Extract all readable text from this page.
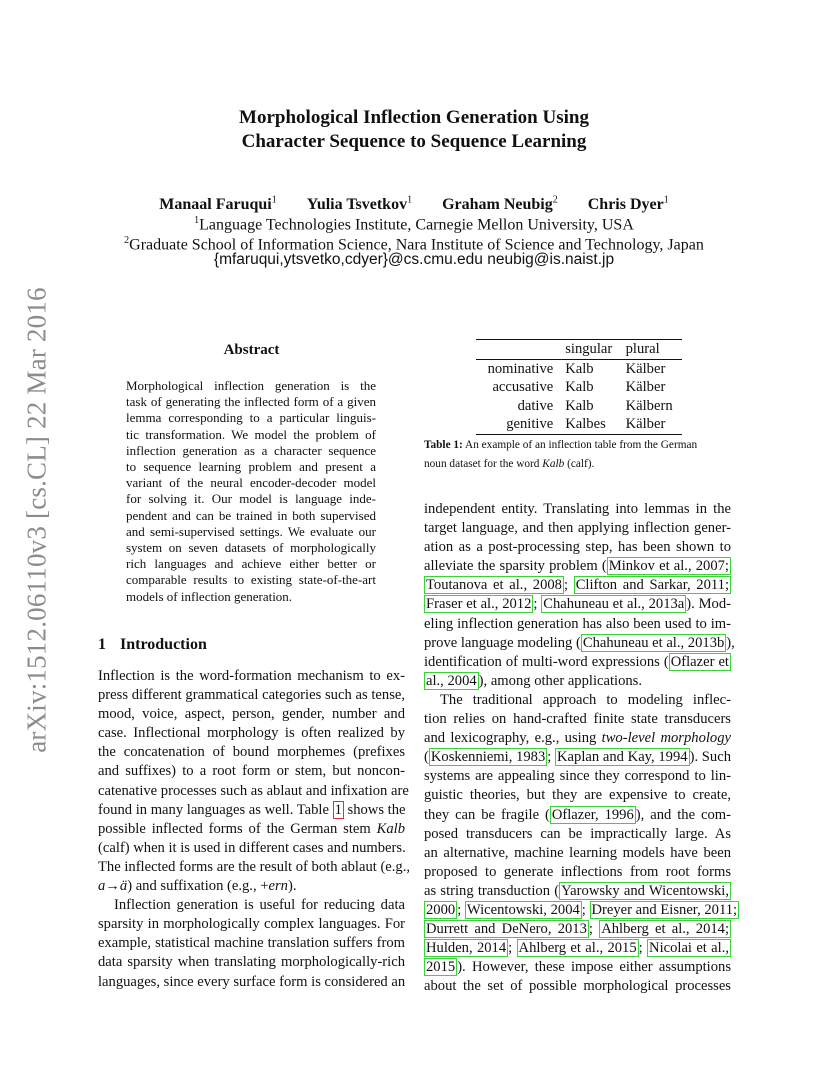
arXiv:1512.06110v3 [cs.CL] 22 Mar 2016
Morphological Inflection Generation Using
Character Sequence to Sequence Learning
Manaal Faruqui$^1$ Yulia Tsvetkov$^1$ Graham Neubig$^2$ Chris Dyer$^1$
$^1$Language Technologies Institute, Carnegie Mellon University, USA
$^2$Graduate School of Information Science, Nara Institute of Science and Technology, Japan
{mfaruqui,ytsvetko,cdyer}@cs.cmu.edu neubig@is.naist.jp
Abstract
Morphological inflection generation is the
task of generating the inflected form of a given
lemma corresponding to a particular linguis-
tic transformation. We model the problem of
inflection generation as a character sequence
to sequence learning problem and present a
variant of the neural encoder-decoder model
for solving it. Our model is language inde-
pendent and can be trained in both supervised
and semi-supervised settings. We evaluate our
system on seven datasets of morphologically
rich languages and achieve either better or
comparable results to existing state-of-the-art
models of inflection generation.
1 Introduction
Inflection is the word-formation mechanism to ex-
press different grammatical categories such as tense,
mood, voice, aspect, person, gender, number and
case. Inflectional morphology is often realized by
the concatenation of bound morphemes (prefixes
and suffixes) to a root form or stem, but noncon-
catenative processes such as ablaut and infixation are
found in many languages as well. Table 1 shows the
possible inflected forms of the German stem Kalb
(calf) when it is used in different cases and numbers.
The inflected forms are the result of both ablaut (e.g.,
a→ä) and suffixation (e.g., +ern).
Inflection generation is useful for reducing data
sparsity in morphologically complex languages. For
example, statistical machine translation suffers from
data sparsity when translating morphologically-rich
languages, since every surface form is considered an
	singular	plural
nominative	Kalb	Kälber
accusative	Kalb	Kälber
dative	Kalb	Kälbern
genitive	Kalbes	Kälber
Table 1: An example of an inflection table from the German
noun dataset for the word Kalb (calf).
independent entity. Translating into lemmas in the
target language, and then applying inflection gener-
ation as a post-processing step, has been shown to
alleviate the sparsity problem ( Minkov et al., 2007;
Toutanova et al., 2008 ; Clifton and Sarkar, 2011;
Fraser et al., 2012 ; Chahuneau et al., 2013a ). Mod-
eling inflection generation has also been used to im-
prove language modeling ( Chahuneau et al., 2013b ),
identification of multi-word expressions ( Oflazer et
al., 2004 ), among other applications.
The traditional approach to modeling inflec-
tion relies on hand-crafted finite state transducers
and lexicography, e.g., using two-level morphology
( Koskenniemi, 1983 ; Kaplan and Kay, 1994 ). Such
systems are appealing since they correspond to lin-
guistic theories, but they are expensive to create,
they can be fragile ( Oflazer, 1996 ), and the com-
posed transducers can be impractically large. As
an alternative, machine learning models have been
proposed to generate inflections from root forms
as string transduction ( Yarowsky and Wicentowski,
2000 ; Wicentowski, 2004 ; Dreyer and Eisner, 2011;
Durrett and DeNero, 2013 ; Ahlberg et al., 2014;
Hulden, 2014 ; Ahlberg et al., 2015 ; Nicolai et al.,
2015 ). However, these impose either assumptions
about the set of possible morphological processes
